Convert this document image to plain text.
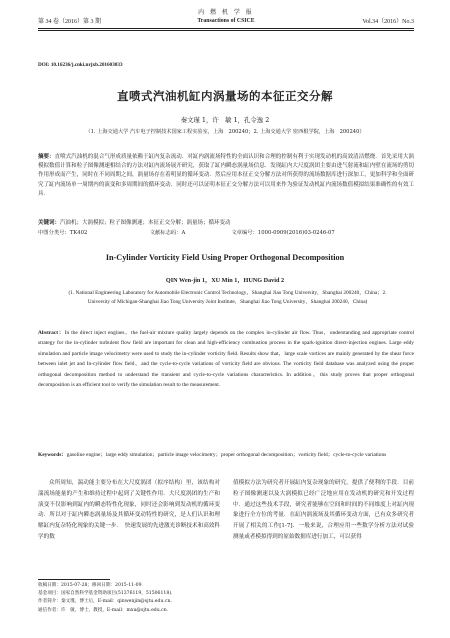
第 34 卷（2016）第 3 期
内 燃 机 学 报
Transactions of CSICE	Vol.34（2016）No.3
DOI: 10.16236/j.cnki.nrjxb.201603033
直喷式汽油机缸内涡量场的本征正交分解
秦文瑾 1，许　敏 1，孔令逸 2
（1. 上海交通大学 汽车电子控制技术国家工程实验室，上海　200240；2. 上海交通大学 密西根学院，上海　200240）
摘要：直喷式汽油机的混合气形成质量依赖于缸内复杂流动．对缸内涡流场特性的全面认识和合理的控制有利于实现发动机的高效清洁燃烧．首先采用大涡模拟数值计算和粒子图像测速相结合的方法对缸内流场展开研究，获取了缸内瞬态涡量场信息．发现缸内大尺度涡团主要由进气射流和缸内壁在流场的剪切作用形成而产生，同时在不同周期之间，涡量场存在着明显的循环变动．然后应用本征正交分解方法对所获得的流场数据库进行深加工，更加科学和全面研究了缸内流场单一周期内的演变和多周期间的循环变动．同时还可以证明本征正交分解方法可以用来作为验证发动机缸内流场数值模拟结果准确性的有效工具．
关键词：汽油机；大涡模拟；粒子图像测速；本征正交分解；涡量场；循环变动
中图分类号：TK402	文献标志码：A	文章编号：1000-0909(2016)03-0246-07
In-Cylinder Vorticity Field Using Proper Orthogonal Decomposition
QIN Wen-jin 1，XU Min 1，HUNG David 2
(1. National Engineering Laboratory for Automobile Electronic Control Technology，Shanghai Jiao Tong University，Shanghai 200240，China；2. University of Michigan-Shanghai Jiao Tong University Joint Institute，Shanghai Jiao Tong University，Shanghai 200240，China)
Abstract：In the direct inject engines，the fuel-air mixture quality largely depends on the complex in-cylinder air flow. Thus，understanding and appropriate control strategy for the in-cylinder turbulent flow field are important for clean and high-efficiency combustion process in the spark-ignition direct-injection engines. Large eddy simulation and particle image velocimetry were used to study the in-cylinder vorticity field. Results show that，large scale vortices are mainly generated by the shear force between inlet jet and In-cylinder flow field，and the cycle-to-cycle variations of vorticity field are obvious. The vorticity field database was analyzed using the proper orthogonal decomposition method to understand the transient and cycle-to-cycle variations characteristics. In addition，this study proves that proper orthogonal decomposition is an efficient tool to verify the simulation result to the measurement.
Keywords：gasoline engine；large eddy simulation；particle image velocimetry；proper orthogonal decomposition；vorticity field；cycle-to-cycle variations

众所周知，湍动能主要分布在大尺度涡团（拟序结构）里，该结构对湍流场能量的产生和维持过程中起到了关键性作用．大尺度涡团的生产和演变不仅影响到缸内的瞬态特性化现象，同时还会影响到发动机的循环变动．所以对于缸内瞬态涡量场及其循环变动特性的研究，是人们认识和理解缸内复杂特化现象的关键一步．　快速发展的先进激光诊断技术和高效科学的数

值模拟方法为研究者开展缸内复杂现象的研究，提供了便利的手段．目前粒子图像测速以及大涡模拟已经广泛地应用在发动机的研究和开发过程中．通过这些技术手段，研究者能够在空间和时间的不同维度上对缸内现象进行全方位的考量．在缸内涡流场及其循环变动方面，已有众多研究者开展了相关的工作[1-7]．一般来说，合理应用一些数学分析方法对试验测量或者模拟得到的原始数据库进行加工，可以获得

收稿日期：2015-07-28；修回日期：2015-11-09．
基金项目：国家自然科学基金资助项目(51376119，51506118)．
作者简介：秦文瑾，博士后，E-mail：qinwenjin@sjtu.edu.cn．
通信作者：许　敏，博士，教授，E-mail：mxu@sjtu.edu.cn．
